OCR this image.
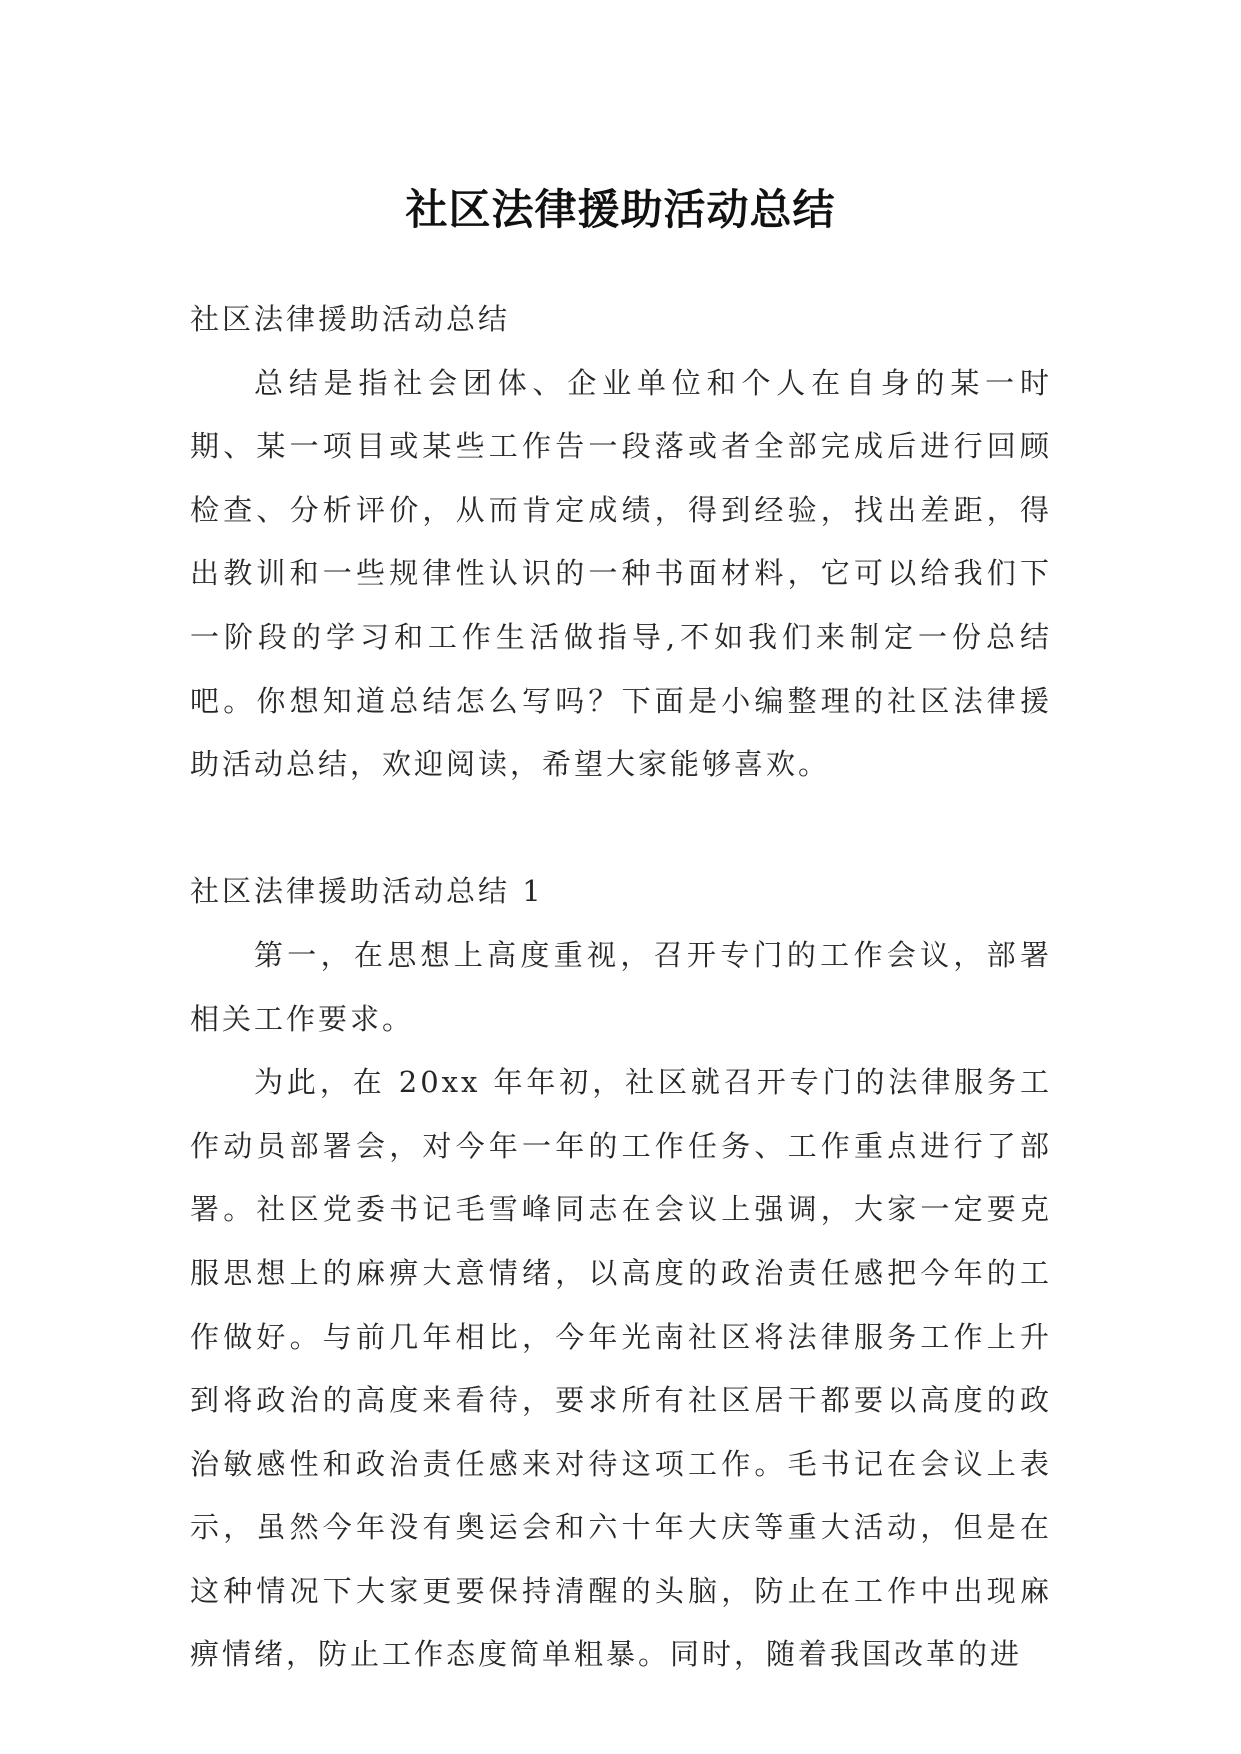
社区法律援助活动总结

社区法律援助活动总结

总结是指社会团体、企业单位和个人在自身的某一时期、某一项目或某些工作告一段落或者全部完成后进行回顾检查、分析评价，从而肯定成绩，得到经验，找出差距，得出教训和一些规律性认识的一种书面材料，它可以给我们下一阶段的学习和工作生活做指导,不如我们来制定一份总结吧。你想知道总结怎么写吗？下面是小编整理的社区法律援助活动总结，欢迎阅读，希望大家能够喜欢。

社区法律援助活动总结 1

第一，在思想上高度重视，召开专门的工作会议，部署相关工作要求。

为此，在 20xx 年年初，社区就召开专门的法律服务工作动员部署会，对今年一年的工作任务、工作重点进行了部署。社区党委书记毛雪峰同志在会议上强调，大家一定要克服思想上的麻痹大意情绪，以高度的政治责任感把今年的工作做好。与前几年相比，今年光南社区将法律服务工作上升到将政治的高度来看待，要求所有社区居干都要以高度的政治敏感性和政治责任感来对待这项工作。毛书记在会议上表示，虽然今年没有奥运会和六十年大庆等重大活动，但是在这种情况下大家更要保持清醒的头脑，防止在工作中出现麻痹情绪，防止工作态度简单粗暴。同时，随着我国改革的进
